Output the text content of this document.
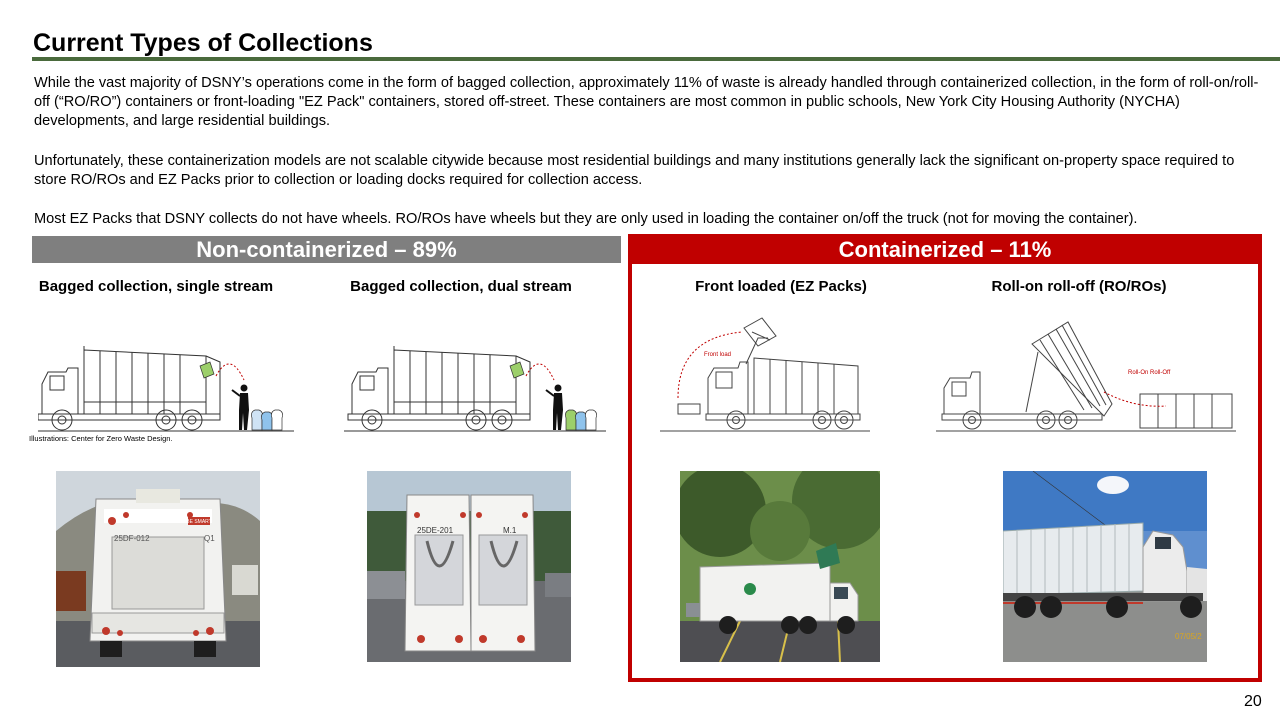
Current Types of Collections
While the vast majority of DSNY’s operations come in the form of bagged collection, approximately 11% of waste is already handled through containerized collection, in the form of roll-on/roll-off (“RO/RO”) containers or front-loading "EZ Pack" containers, stored off-street. These containers are most common in public schools, New York City Housing Authority (NYCHA) developments, and large residential buildings.
Unfortunately, these containerization models are not scalable citywide because most residential buildings and many institutions generally lack the significant on-property space required to store RO/ROs and EZ Packs prior to collection or loading docks required for collection access.
Most EZ Packs that DSNY collects do not have wheels. RO/ROs have wheels but they are only used in loading the container on/off the truck (not for moving the container).
Non-containerized – 89%	Containerized – 11%
Bagged collection, single stream	Bagged collection, dual stream	Front loaded (EZ Packs)	Roll-on roll-off (RO/ROs)
Illustrations: Center for Zero Waste Design.
Front load
Roll-On Roll-Off
BE SMART
25DF-012	Q1
25DE-201	M.1
07/05/2
20
